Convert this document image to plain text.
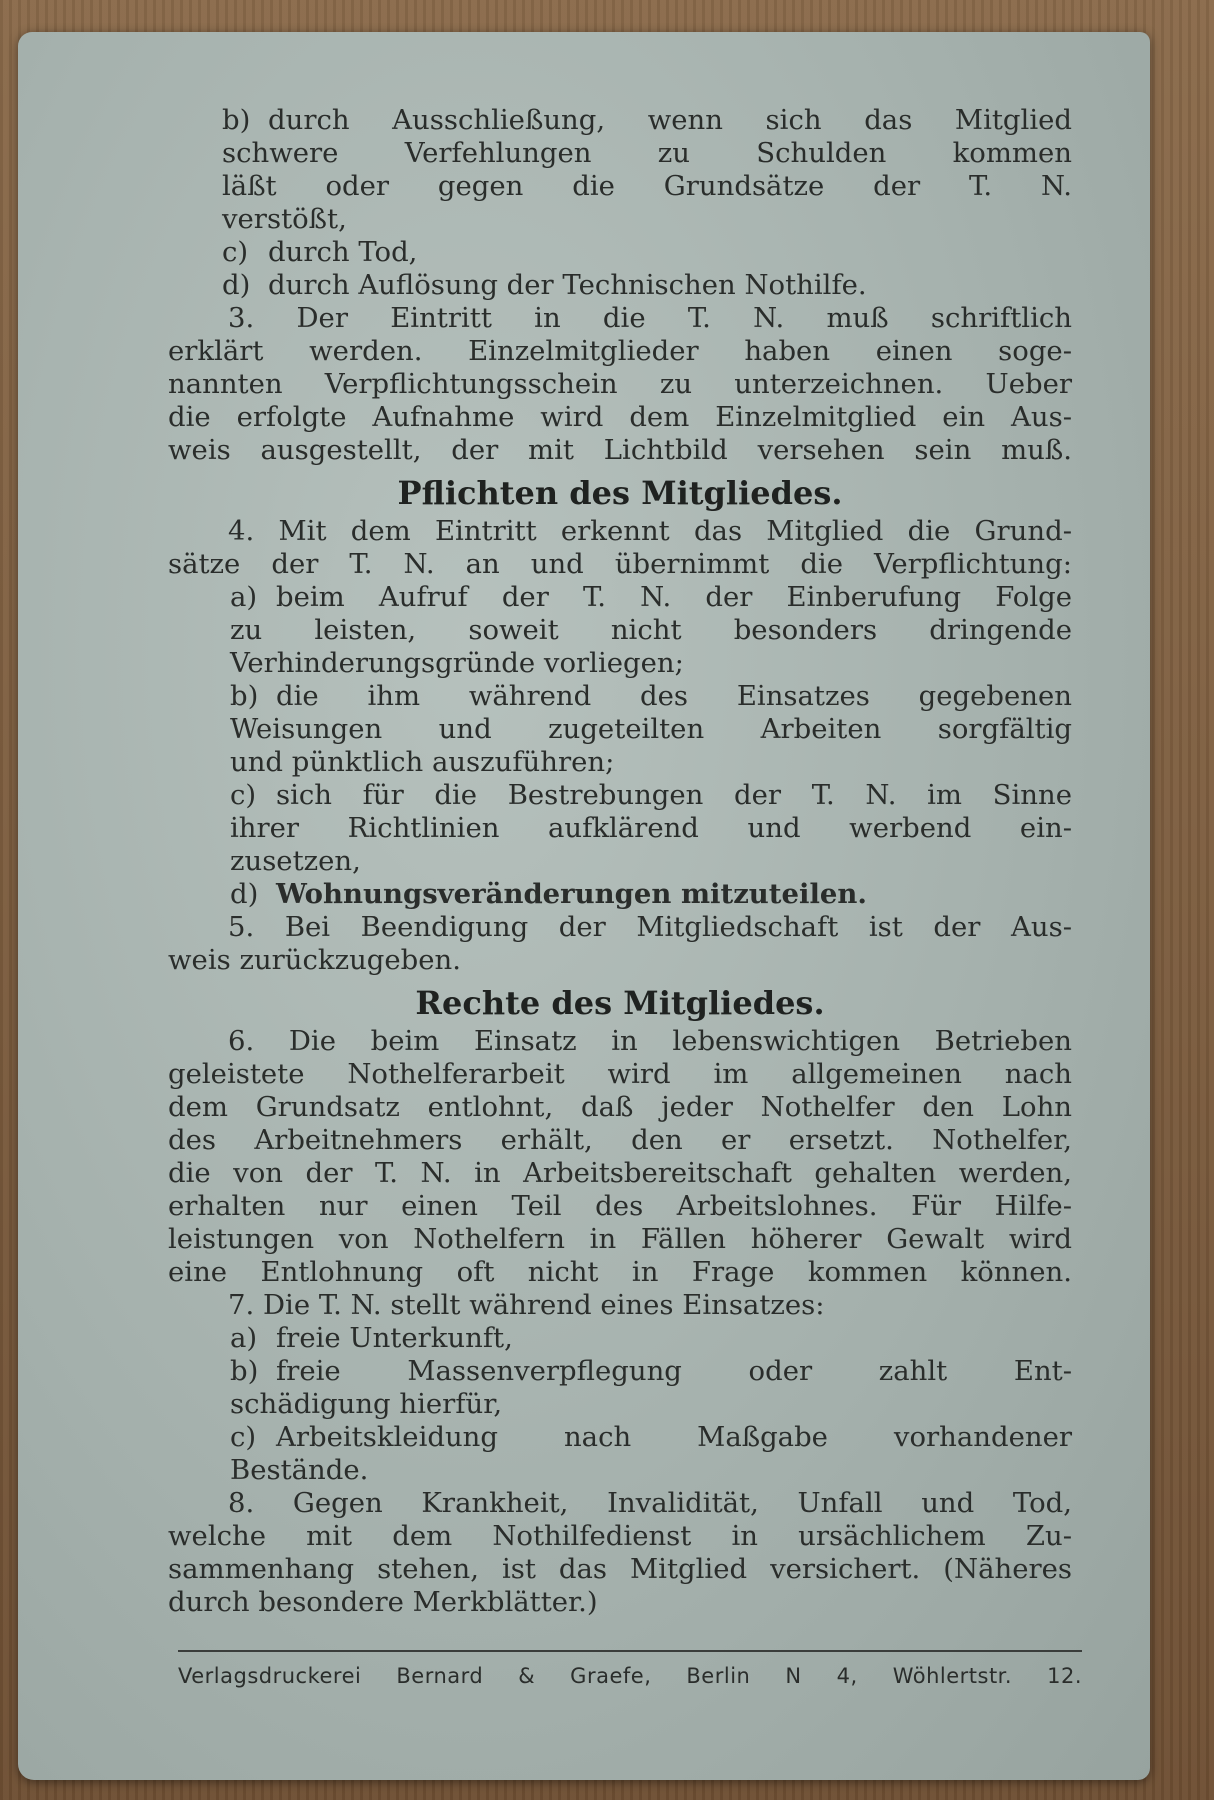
b) durch Ausschließung, wenn sich das Mitglied

schwere Verfehlungen zu Schulden kommen

läßt oder gegen die Grundsätze der T. N.

verstößt,

c) durch Tod,

d) durch Auflösung der Technischen Nothilfe.

3. Der Eintritt in die T. N. muß schriftlich

erklärt werden. Einzelmitglieder haben einen soge-

nannten Verpflichtungsschein zu unterzeichnen. Ueber

die erfolgte Aufnahme wird dem Einzelmitglied ein Aus-

weis ausgestellt, der mit Lichtbild versehen sein muß.

Pflichten des Mitgliedes.

4. Mit dem Eintritt erkennt das Mitglied die Grund-

sätze der T. N. an und übernimmt die Verpflichtung:

a) beim Aufruf der T. N. der Einberufung Folge

zu leisten, soweit nicht besonders dringende

Verhinderungsgründe vorliegen;

b) die ihm während des Einsatzes gegebenen

Weisungen und zugeteilten Arbeiten sorgfältig

und pünktlich auszuführen;

c) sich für die Bestrebungen der T. N. im Sinne

ihrer Richtlinien aufklärend und werbend ein-

zusetzen,

d) Wohnungsveränderungen mitzuteilen.

5. Bei Beendigung der Mitgliedschaft ist der Aus-

weis zurückzugeben.

Rechte des Mitgliedes.

6. Die beim Einsatz in lebenswichtigen Betrieben

geleistete Nothelferarbeit wird im allgemeinen nach

dem Grundsatz entlohnt, daß jeder Nothelfer den Lohn

des Arbeitnehmers erhält, den er ersetzt. Nothelfer,

die von der T. N. in Arbeitsbereitschaft gehalten werden,

erhalten nur einen Teil des Arbeitslohnes. Für Hilfe-

leistungen von Nothelfern in Fällen höherer Gewalt wird

eine Entlohnung oft nicht in Frage kommen können.

7. Die T. N. stellt während eines Einsatzes:

a) freie Unterkunft,

b) freie Massenverpflegung oder zahlt Ent-

schädigung hierfür,

c) Arbeitskleidung nach Maßgabe vorhandener

Bestände.

8. Gegen Krankheit, Invalidität, Unfall und Tod,

welche mit dem Nothilfedienst in ursächlichem Zu-

sammenhang stehen, ist das Mitglied versichert. (Näheres

durch besondere Merkblätter.)

Verlagsdruckerei Bernard & Graefe, Berlin N 4, Wöhlertstr. 12.
